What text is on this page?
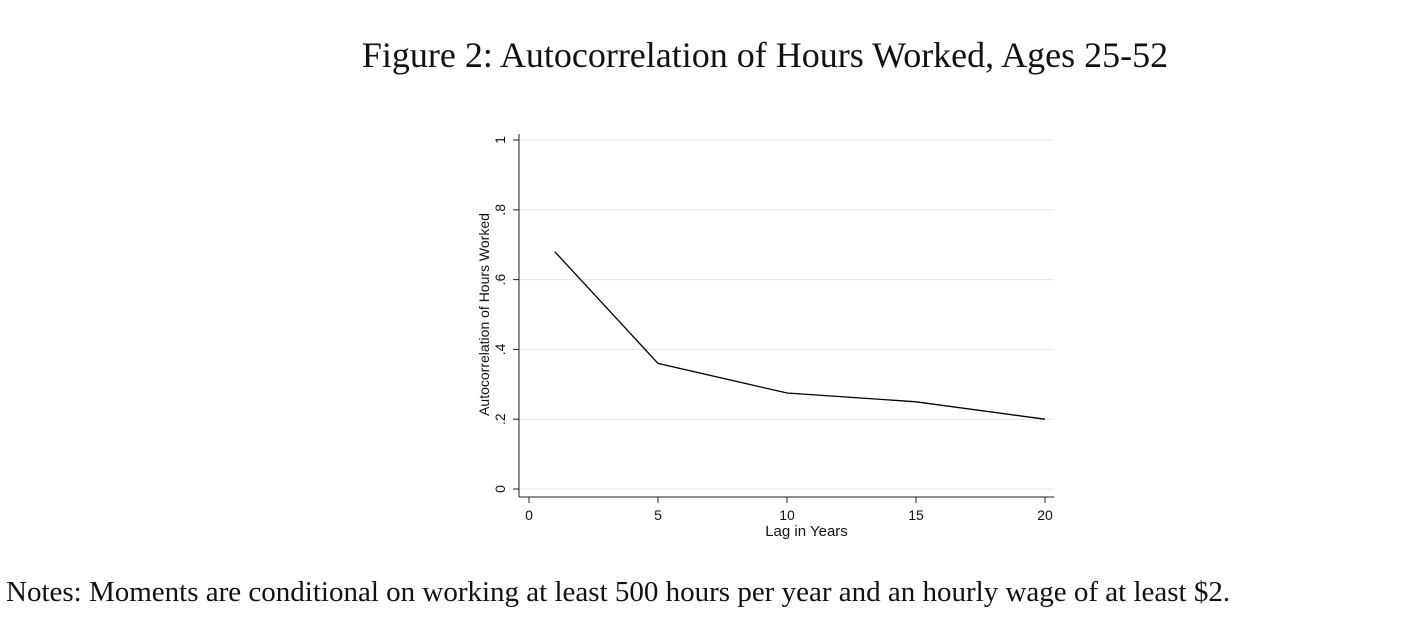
Figure 2: Autocorrelation of Hours Worked, Ages 25-52
0
.2
.4
.6
.8
1
0	5	10	15	20
Lag in Years
Autocorrelation of Hours Worked
Notes: Moments are conditional on working at least 500 hours per year and an hourly wage of at least $2.
